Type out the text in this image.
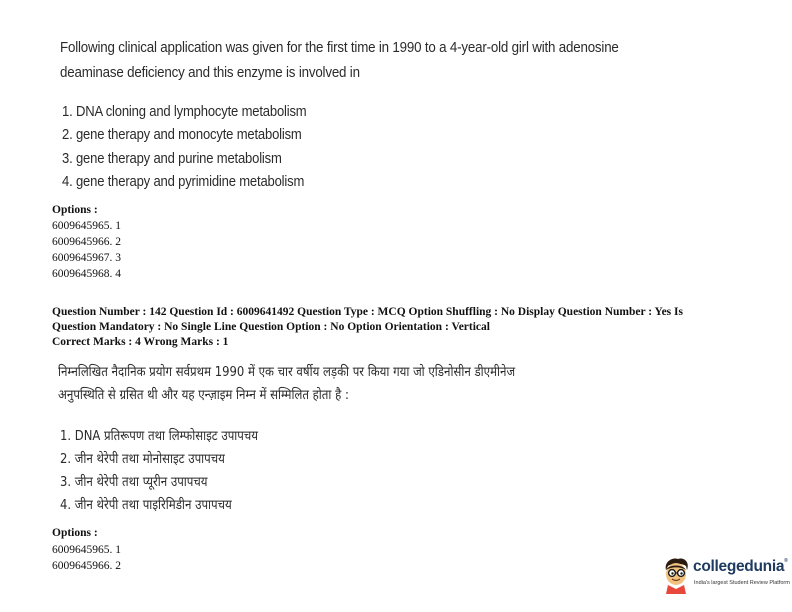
Following clinical application was given for the first time in 1990 to a 4-year-old girl with adenosine
deaminase deficiency and this enzyme is involved in
1. DNA cloning and lymphocyte metabolism
2. gene therapy and monocyte metabolism
3. gene therapy and purine metabolism
4. gene therapy and pyrimidine metabolism
Options :
6009645965. 1
6009645966. 2
6009645967. 3
6009645968. 4
Question Number : 142 Question Id : 6009641492 Question Type : MCQ Option Shuffling : No Display Question Number : Yes Is
Question Mandatory : No Single Line Question Option : No Option Orientation : Vertical
Correct Marks : 4 Wrong Marks : 1
निम्नलिखित नैदानिक प्रयोग सर्वप्रथम 1990 में एक चार वर्षीय लड़की पर किया गया जो एडिनोसीन डीएमीनेज
अनुपस्थिति से ग्रसित थी और यह एन्ज़ाइम निम्न में सम्मिलित होता है :
1. DNA प्रतिरूपण तथा लिम्फोसाइट उपापचय
2. जीन थेरेपी तथा मोनोसाइट उपापचय
3. जीन थेरेपी तथा प्यूरीन उपापचय
4. जीन थेरेपी तथा पाइरिमिडीन उपापचय
Options :
6009645965. 1
6009645966. 2	collegedunia®
India's largest Student Review Platform
